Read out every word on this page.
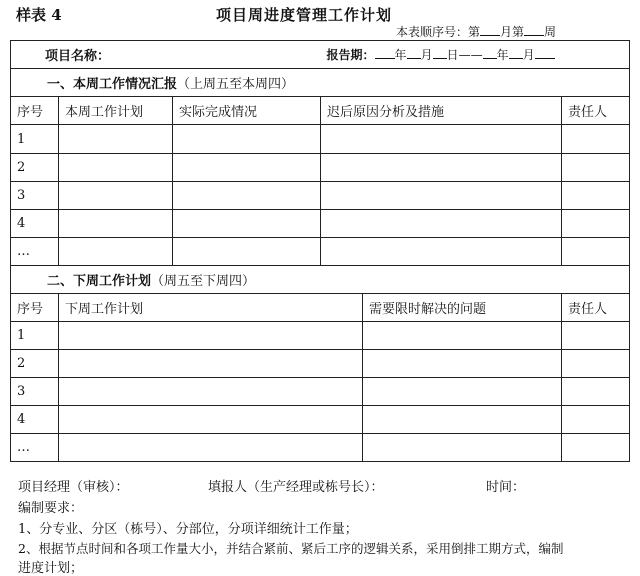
样表 4	项目周进度管理工作计划
本表顺序号：第 月第 周
项目名称：			报告期： 年 月 日—— 年 月		
一、本周工作情况汇报（上周五至本周四）					
序号	本周工作计划	实际完成情况	迟后原因分析及措施		责任人
1					
2					
3					
4					
…					
二、下周工作计划（周五至下周四）					
序号	下周工作计划			需要限时解决的问题	责任人
1					
2					
3					
4					
…					
项目经理（审核）：	填报人（生产经理或栋号长）：	时间：
编制要求：
1、分专业、分区（栋号）、分部位，分项详细统计工作量；
2、根据节点时间和各项工作量大小，并结合紧前、紧后工序的逻辑关系，采用倒排工期方式，编制
进度计划；
